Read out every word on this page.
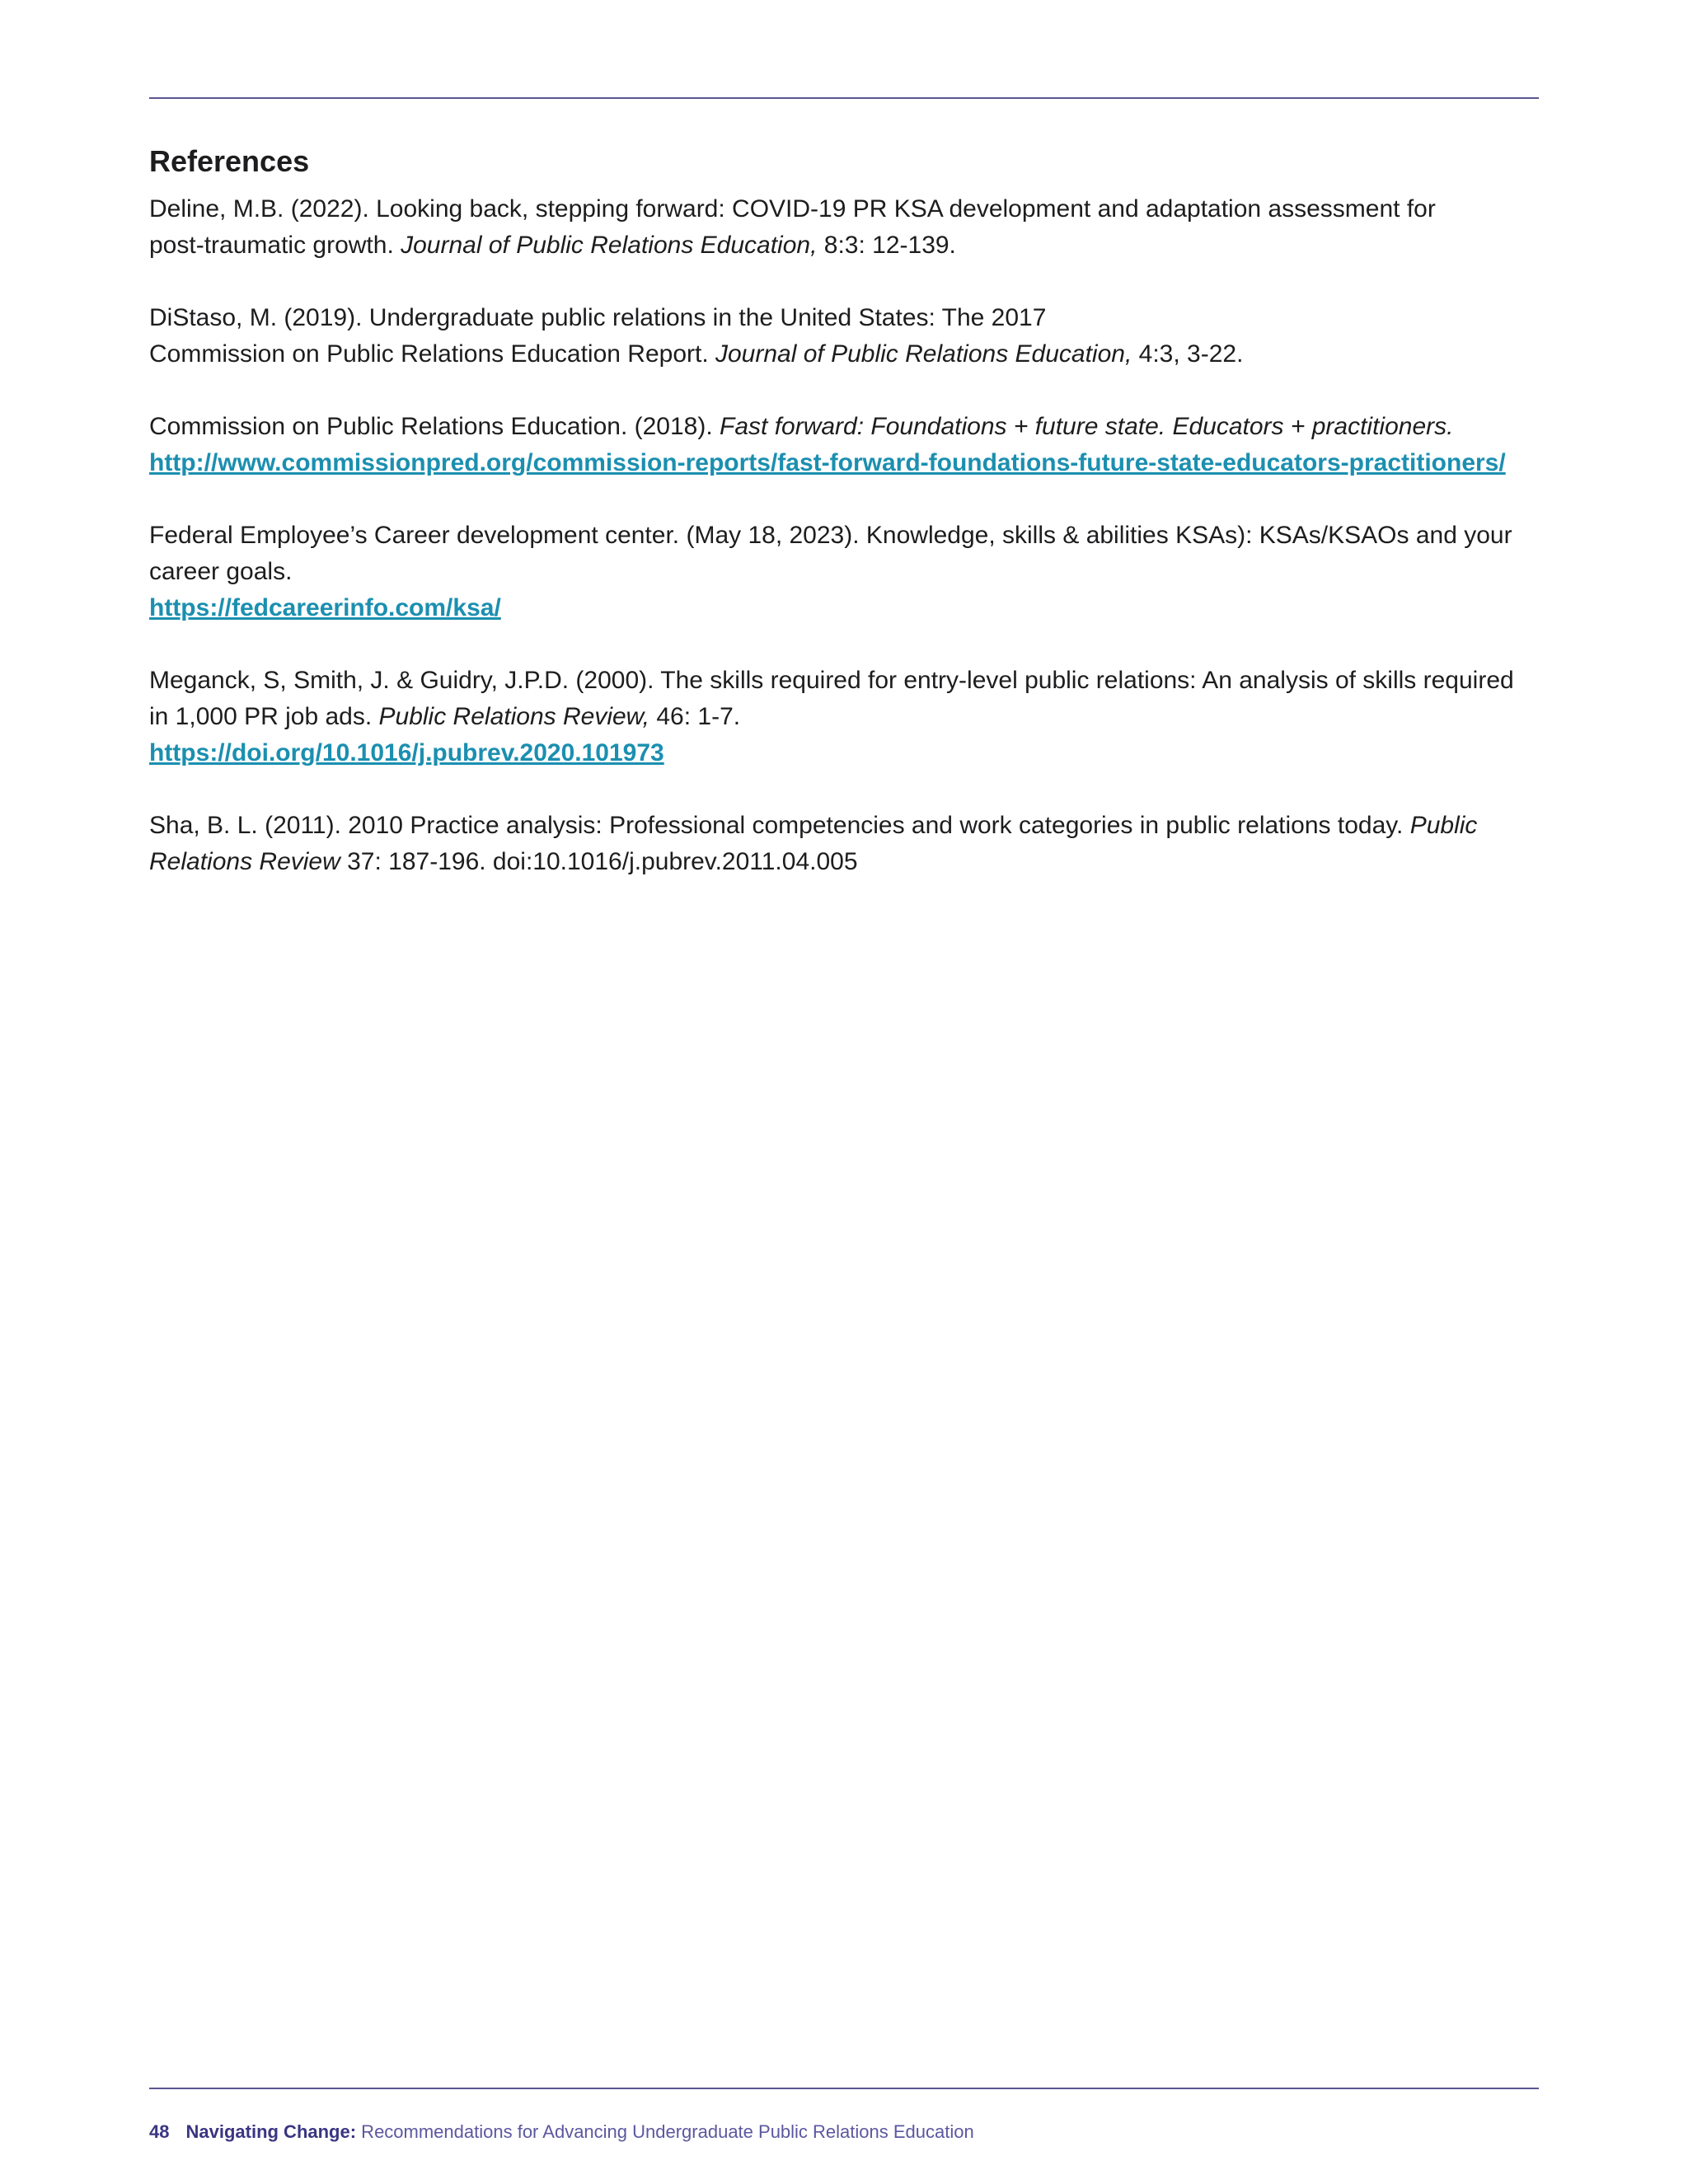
References
Deline, M.B. (2022). Looking back, stepping forward: COVID-19 PR KSA development and adaptation assessment for
post-traumatic growth. Journal of Public Relations Education, 8:3: 12-139.
DiStaso, M. (2019). Undergraduate public relations in the United States: The 2017
Commission on Public Relations Education Report. Journal of Public Relations Education, 4:3, 3-22.
Commission on Public Relations Education. (2018). Fast forward: Foundations + future state. Educators + practitioners.
http://www.commissionpred.org/commission-reports/fast-forward-foundations-future-state-educators-practitioners/
Federal Employee’s Career development center. (May 18, 2023). Knowledge, skills & abilities KSAs): KSAs/KSAOs and your
career goals.
https://fedcareerinfo.com/ksa/
Meganck, S, Smith, J. & Guidry, J.P.D. (2000). The skills required for entry-level public relations: An analysis of skills required
in 1,000 PR job ads. Public Relations Review, 46: 1-7.
https://doi.org/10.1016/j.pubrev.2020.101973
Sha, B. L. (2011). 2010 Practice analysis: Professional competencies and work categories in public relations today. Public
Relations Review 37: 187-196. doi:10.1016/j.pubrev.2011.04.005
48 Navigating Change: Recommendations for Advancing Undergraduate Public Relations Education
